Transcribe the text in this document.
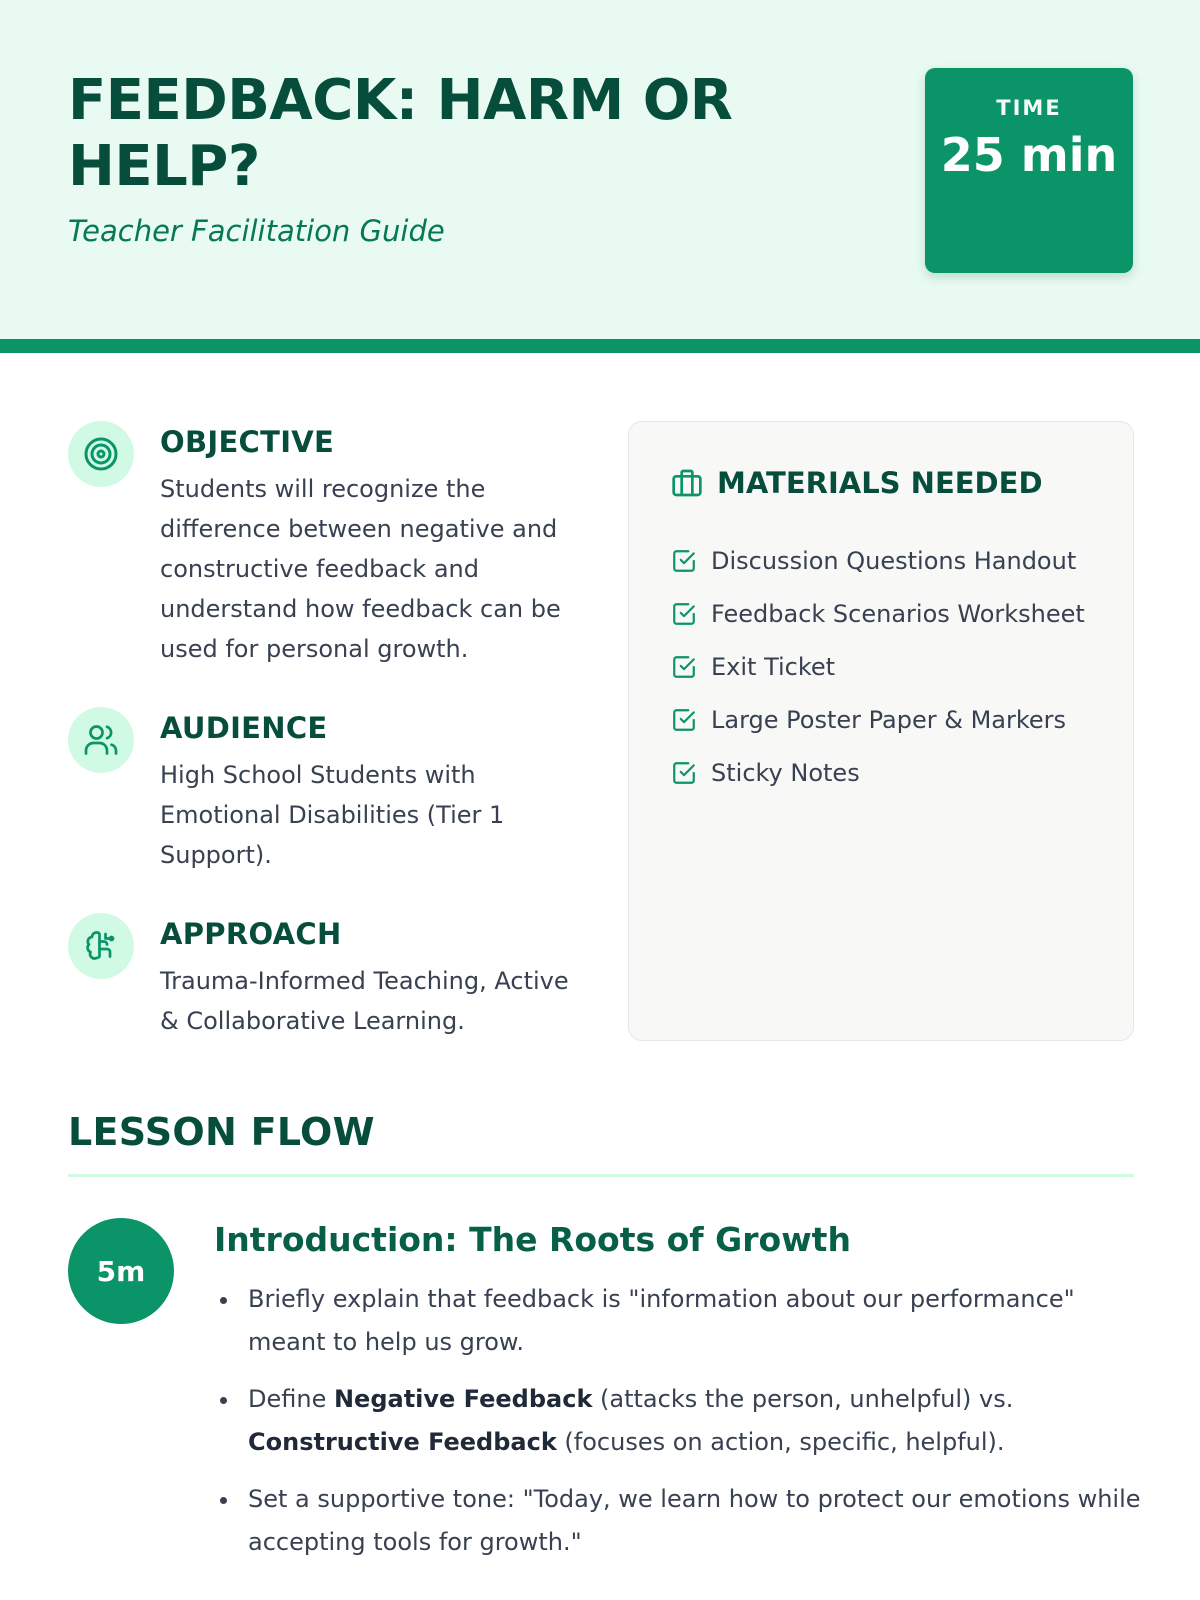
FEEDBACK: HARM OR HELP?
Teacher Facilitation Guide
TIME
25 min
OBJECTIVE

Students will recognize the difference between negative and constructive feedback and understand how feedback can be used for personal growth.

AUDIENCE

High School Students with Emotional Disabilities (Tier 1 Support).

APPROACH

Trauma-Informed Teaching, Active & Collaborative Learning.

MATERIALS NEEDED
Discussion Questions Handout
Feedback Scenarios Worksheet
Exit Ticket
Large Poster Paper & Markers
Sticky Notes
LESSON FLOW
5m
Introduction: The Roots of Growth
Briefly explain that feedback is "information about our performance" meant to help us grow.
Define Negative Feedback (attacks the person, unhelpful) vs. Constructive Feedback (focuses on action, specific, helpful).
Set a supportive tone: "Today, we learn how to protect our emotions while accepting tools for growth."
